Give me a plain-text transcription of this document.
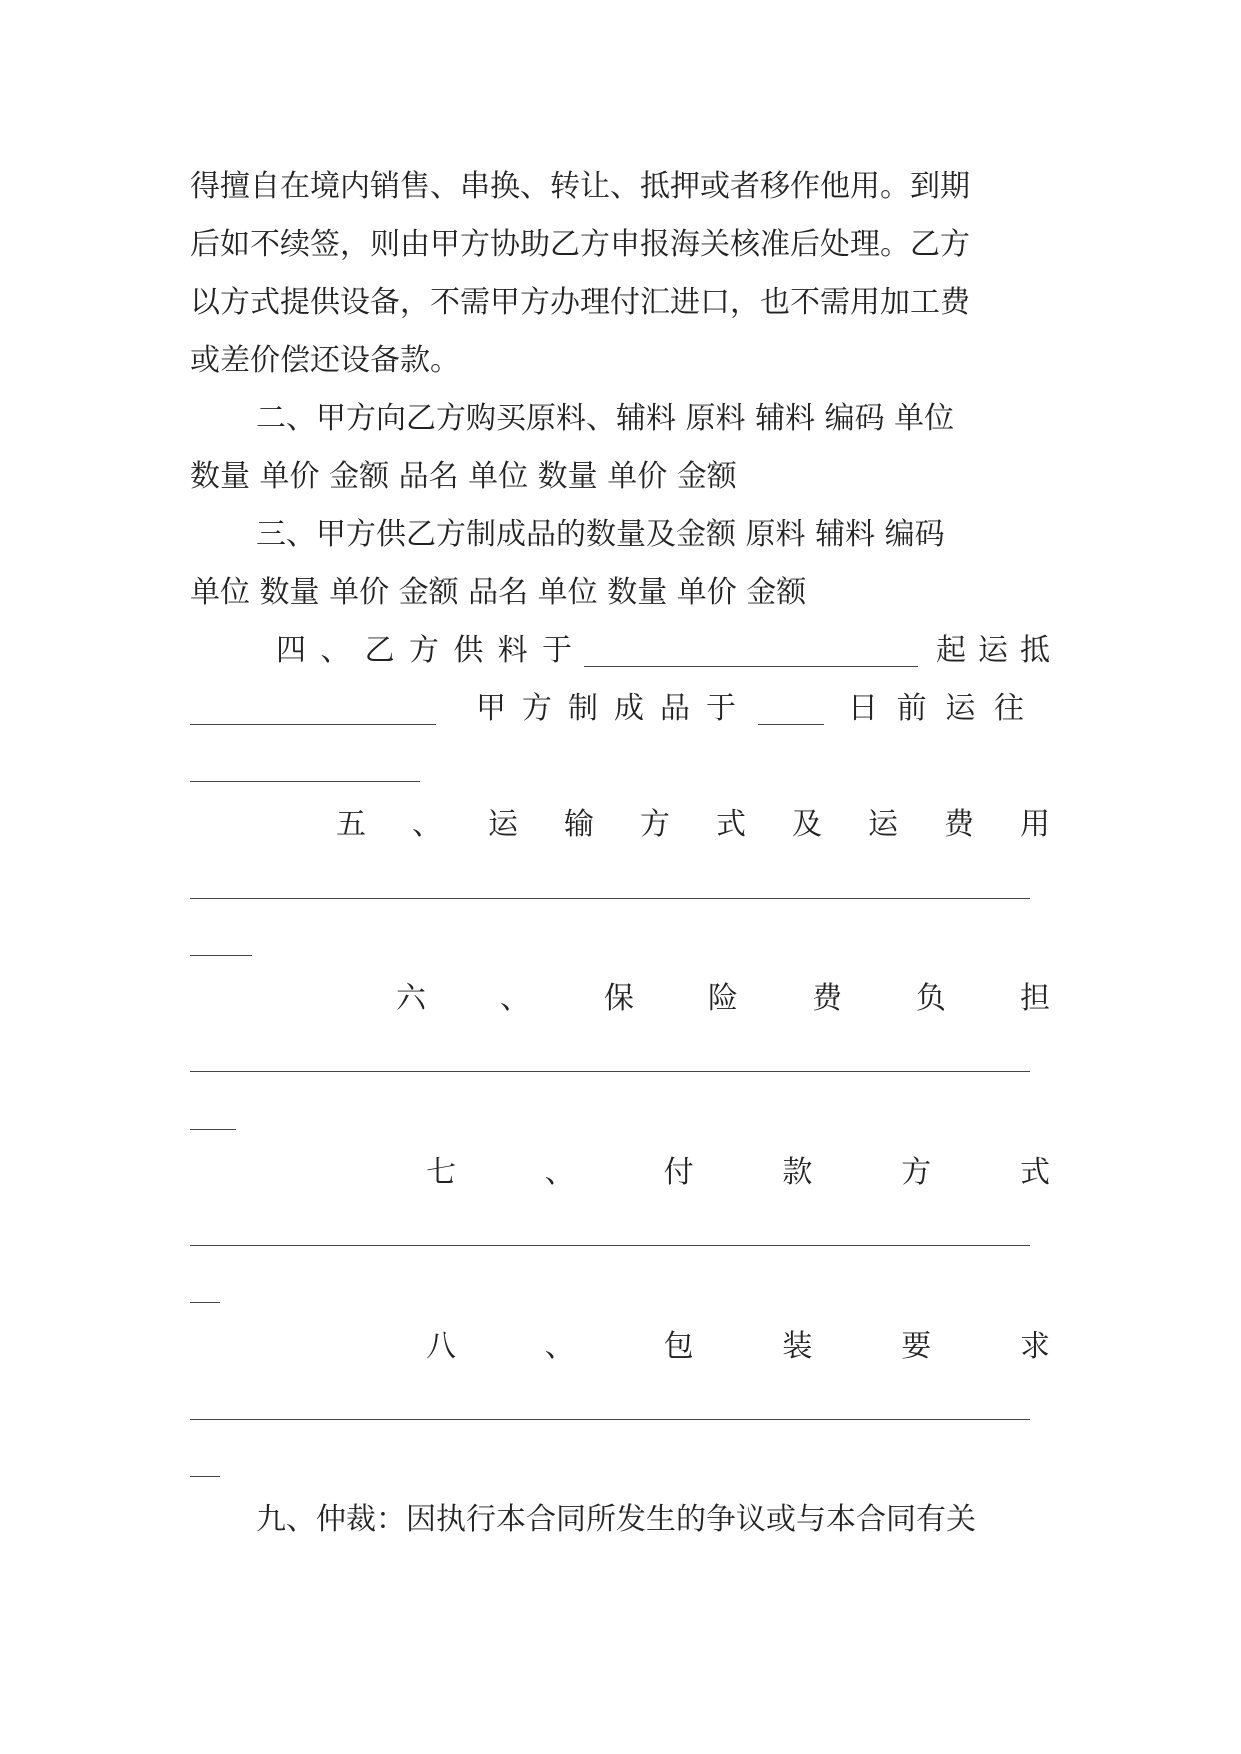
得擅自在境内销售、串换、转让、抵押或者移作他用。到期
后如不续签，则由甲方协助乙方申报海关核准后处理。乙方
以方式提供设备，不需甲方办理付汇进口，也不需用加工费
或差价偿还设备款。
二、甲方向乙方购买原料、辅料 原料 辅料 编码 单位
数量 单价 金额 品名 单位 数量 单价 金额
三、甲方供乙方制成品的数量及金额 原料 辅料 编码
单位 数量 单价 金额 品名 单位 数量 单价 金额
四 、 乙 方 供 料 于	起 运 抵
甲 方 制 成 品 于	日 前 运 往
五 、 运 输 方 式 及 运 费 用
六 、 保 险 费 负 担
七	、	付	款	方	式
八	、	包	装	要	求
九、仲裁：因执行本合同所发生的争议或与本合同有关
